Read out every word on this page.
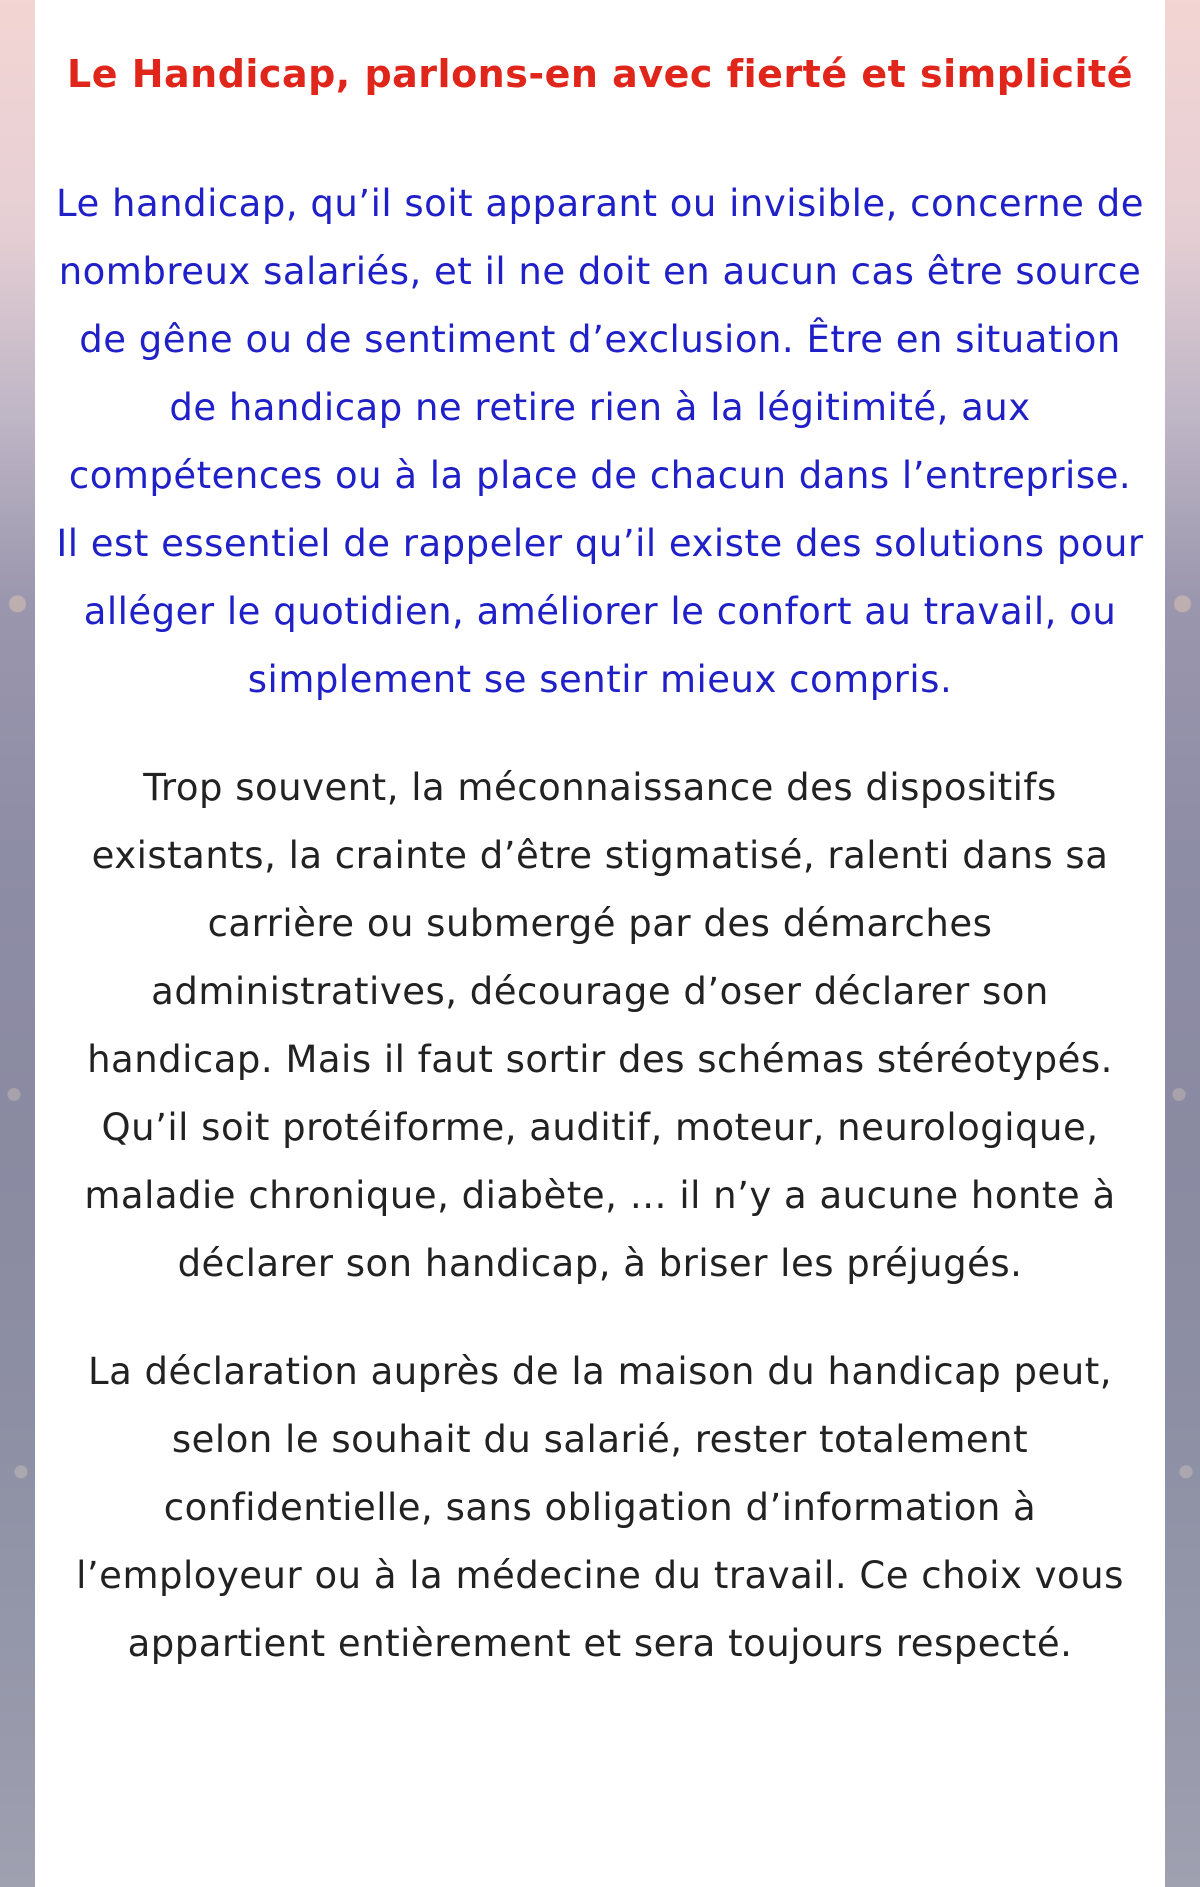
Le Handicap, parlons-en avec fierté et simplicité

Le handicap, qu’il soit apparant ou invisible, concerne de nombreux salariés, et il ne doit en aucun cas être source de gêne ou de sentiment d’exclusion. Être en situation de handicap ne retire rien à la légitimité, aux compétences ou à la place de chacun dans l’entreprise. Il est essentiel de rappeler qu’il existe des solutions pour alléger le quotidien, améliorer le confort au travail, ou simplement se sentir mieux compris.

Trop souvent, la méconnaissance des dispositifs existants, la crainte d’être stigmatisé, ralenti dans sa carrière ou submergé par des démarches administratives, décourage d’oser déclarer son handicap. Mais il faut sortir des schémas stéréotypés. Qu’il soit protéiforme, auditif, moteur, neurologique, maladie chronique, diabète, … il n’y a aucune honte à déclarer son handicap, à briser les préjugés.

La déclaration auprès de la maison du handicap peut, selon le souhait du salarié, rester totalement confidentielle, sans obligation d’information à l’employeur ou à la médecine du travail. Ce choix vous appartient entièrement et sera toujours respecté.
